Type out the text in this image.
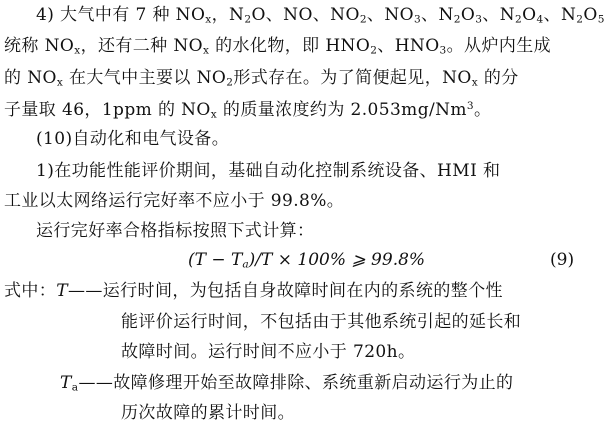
4) 大气中有 7 种 $NO_x$，$N_2O$、NO、$NO_2$、$NO_3$、$N_2O_3$、$N_2O_4$、$N_2O_5$
统称 $NO_x$，还有二种 $NO_x$ 的水化物，即 $HNO_2$、$HNO_3$。从炉内生成
的 $NO_x$ 在大气中主要以 $NO_2$形式存在。为了简便起见，$NO_x$ 的分
子量取 46，1ppm 的 $NO_x$ 的质量浓度约为 2.053mg/Nm$^3$。
(10)自动化和电气设备。
1)在功能性能评价期间，基础自动化控制系统设备、HMI 和
工业以太网络运行完好率不应小于 99.8%。
运行完好率合格指标按照下式计算：
$(T - T_a)/T \times 100\%$ ⩾ 99.8%	(9)
式中：T——运行时间，为包括自身故障时间在内的系统的整个性
能评价运行时间，不包括由于其他系统引起的延长和
故障时间。运行时间不应小于 720h。
$T_a——$故障修理开始至故障排除、系统重新启动运行为止的
历次故障的累计时间。
